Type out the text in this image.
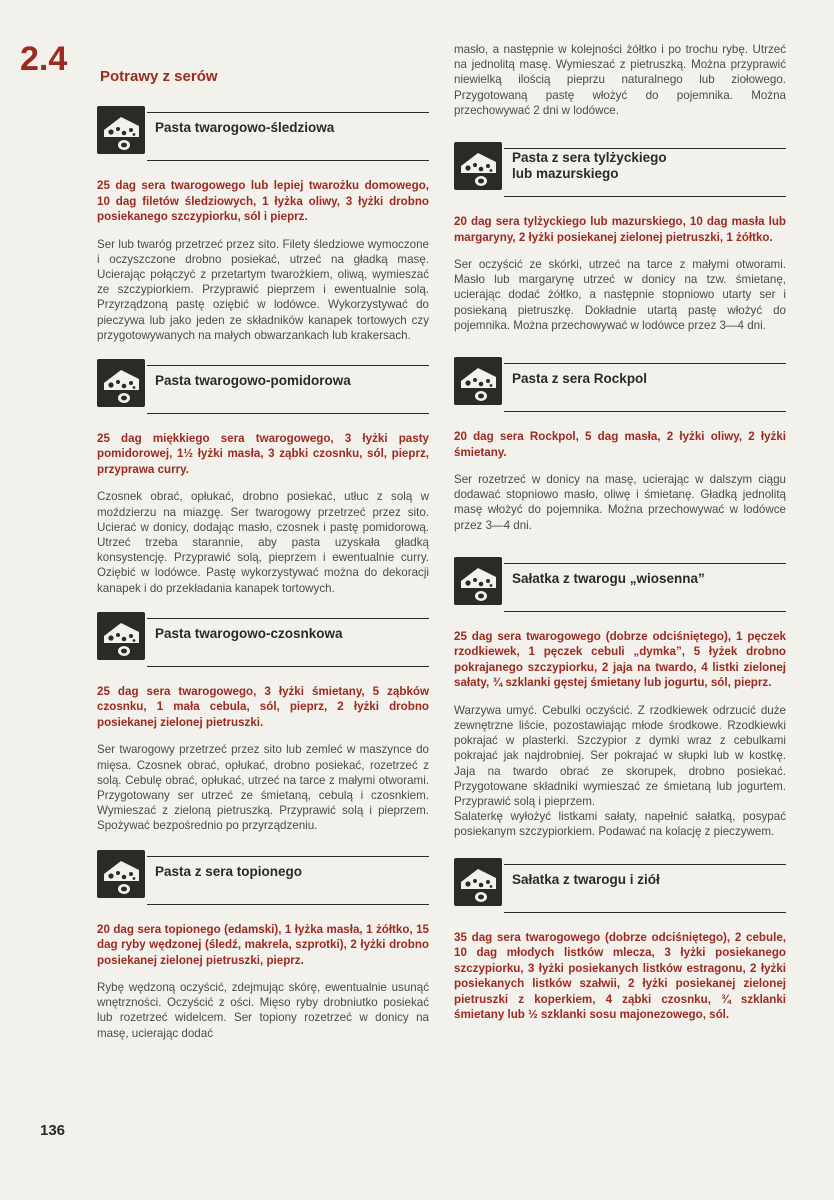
2.4 Potrawy z serów
Pasta twarogowo-śledziowa
25 dag sera twarogowego lub lepiej twarożku domowego, 10 dag filetów śledziowych, 1 łyżka oliwy, 3 łyżki drobno posiekanego szczypiorku, sól i pieprz.
Ser lub twaróg przetrzeć przez sito. Filety śledziowe wymoczone i oczyszczone drobno posiekać, utrzeć na gładką masę. Ucierając połączyć z przetartym twarożkiem, oliwą, wymieszać ze szczypiorkiem. Przyprawić pieprzem i ewentualnie solą. Przyrządzoną pastę oziębić w lodówce. Wykorzystywać do pieczywa lub jako jeden ze składników kanapek tortowych czy przygotowywanych na małych obwarzankach lub krakersach.
Pasta twarogowo-pomidorowa
25 dag miękkiego sera twarogowego, 3 łyżki pasty pomidorowej, 1½ łyżki masła, 3 ząbki czosnku, sól, pieprz, przyprawa curry.
Czosnek obrać, opłukać, drobno posiekać, utłuc z solą w moździerzu na miazgę. Ser twarogowy przetrzeć przez sito. Ucierać w donicy, dodając masło, czosnek i pastę pomidorową. Utrzeć trzeba starannie, aby pasta uzyskała gładką konsystencję. Przyprawić solą, pieprzem i ewentualnie curry. Oziębić w lodówce. Pastę wykorzystywać można do dekoracji kanapek i do przekładania kanapek tortowych.
Pasta twarogowo-czosnkowa
25 dag sera twarogowego, 3 łyżki śmietany, 5 ząbków czosnku, 1 mała cebula, sól, pieprz, 2 łyżki drobno posiekanej zielonej pietruszki.
Ser twarogowy przetrzeć przez sito lub zemleć w maszynce do mięsa. Czosnek obrać, opłukać, drobno posiekać, rozetrzeć z solą. Cebulę obrać, opłukać, utrzeć na tarce z małymi otworami. Przygotowany ser utrzeć ze śmietaną, cebulą i czosnkiem. Wymieszać z zieloną pietruszką. Przyprawić solą i pieprzem. Spożywać bezpośrednio po przyrządzeniu.
Pasta z sera topionego
20 dag sera topionego (edamski), 1 łyżka masła, 1 żółtko, 15 dag ryby wędzonej (śledź, makrela, szprotki), 2 łyżki drobno posiekanej zielonej pietruszki, pieprz.
Rybę wędzoną oczyścić, zdejmując skórę, ewentualnie usunąć wnętrzności. Oczyścić z ości. Mięso ryby drobniutko posiekać lub rozetrzeć widelcem. Ser topiony rozetrzeć w donicy na masę, ucierając dodać
masło, a następnie w kolejności żółtko i po trochu rybę. Utrzeć na jednolitą masę. Wymieszać z pietruszką. Można przyprawić niewielką ilością pieprzu naturalnego lub ziołowego. Przygotowaną pastę włożyć do pojemnika. Można przechowywać 2 dni w lodówce.
Pasta z sera tylżyckiego
lub mazurskiego
20 dag sera tylżyckiego lub mazurskiego, 10 dag masła lub margaryny, 2 łyżki posiekanej zielonej pietruszki, 1 żółtko.
Ser oczyścić ze skórki, utrzeć na tarce z małymi otworami. Masło lub margarynę utrzeć w donicy na tzw. śmietanę, ucierając dodać żółtko, a następnie stopniowo utarty ser i posiekaną pietruszkę. Dokładnie utartą pastę włożyć do pojemnika. Można przechowywać w lodówce przez 3—4 dni.
Pasta z sera Rockpol
20 dag sera Rockpol, 5 dag masła, 2 łyżki oliwy, 2 łyżki śmietany.
Ser rozetrzeć w donicy na masę, ucierając w dalszym ciągu dodawać stopniowo masło, oliwę i śmietanę. Gładką jednolitą masę włożyć do pojemnika. Można przechowywać w lodówce przez 3—4 dni.
Sałatka z twarogu „wiosenna”
25 dag sera twarogowego (dobrze odciśniętego), 1 pęczek rzodkiewek, 1 pęczek cebuli „dymka”, 5 łyżek drobno pokrajanego szczypiorku, 2 jaja na twardo, 4 listki zielonej sałaty, ¾ szklanki gęstej śmietany lub jogurtu, sól, pieprz.

Warzywa umyć. Cebulki oczyścić. Z rzodkiewek odrzucić duże zewnętrzne liście, pozostawiając młode środkowe. Rzodkiewki pokrajać w plasterki. Szczypior z dymki wraz z cebulkami pokrajać jak najdrobniej. Ser pokrajać w słupki lub w kostkę. Jaja na twardo obrać ze skorupek, drobno posiekać. Przygotowane składniki wymieszać ze śmietaną lub jogurtem. Przyprawić solą i pieprzem.

Salaterkę wyłożyć listkami sałaty, napełnić sałatką, posypać posiekanym szczypiorkiem. Podawać na kolację z pieczywem.

Sałatka z twarogu i ziół
35 dag sera twarogowego (dobrze odciśniętego), 2 cebule, 10 dag młodych listków mlecza, 3 łyżki posiekanego szczypiorku, 3 łyżki posiekanych listków estragonu, 2 łyżki posiekanych listków szałwii, 2 łyżki posiekanej zielonej pietruszki z koperkiem, 4 ząbki czosnku, ¾ szklanki śmietany lub ½ szklanki sosu majonezowego, sól.
136
